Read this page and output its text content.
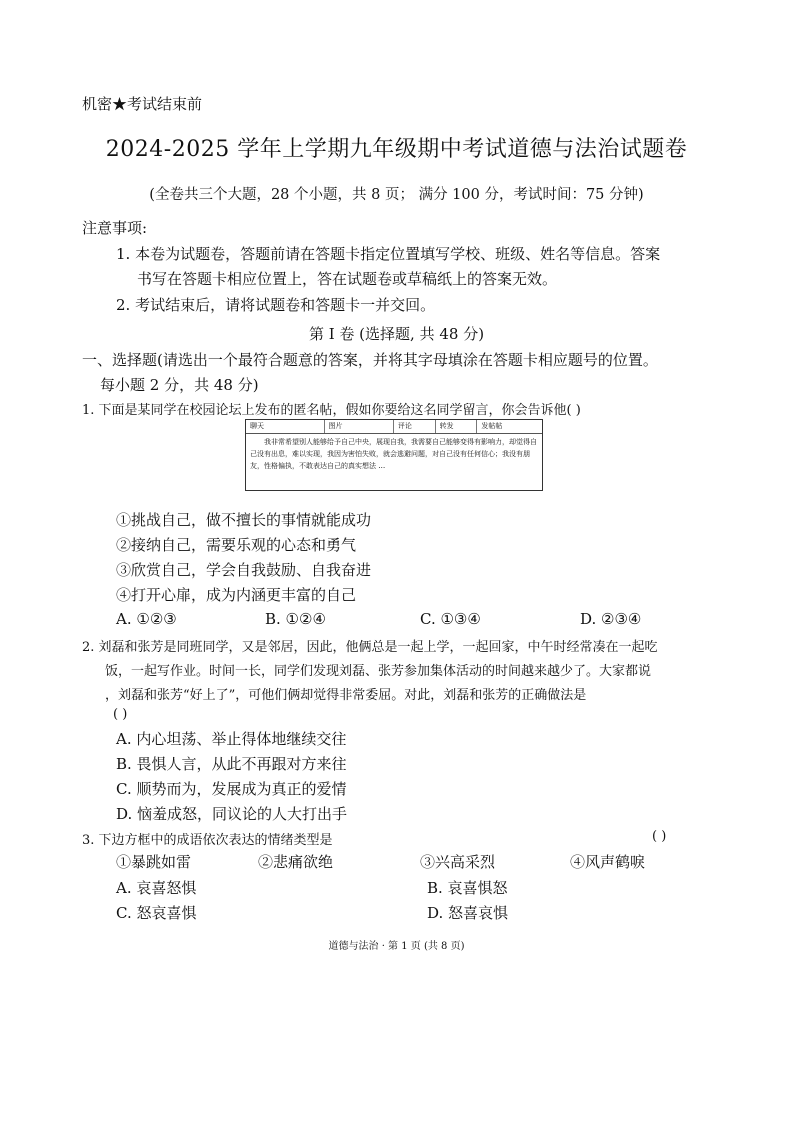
机密★考试结束前
2024-2025 学年上学期九年级期中考试道德与法治试题卷
(全卷共三个大题，28 个小题，共 8 页； 满分 100 分，考试时间：75 分钟)
注意事项:
1. 本卷为试题卷，答题前请在答题卡指定位置填写学校、班级、姓名等信息。答案
书写在答题卡相应位置上，答在试题卷或草稿纸上的答案无效。
2. 考试结束后，请将试题卷和答题卡一并交回。
第 I 卷 (选择题, 共 48 分)
一、选择题(请选出一个最符合题意的答案，并将其字母填涂在答题卡相应题号的位置。
每小题 2 分，共 48 分)
1. 下面是某同学在校园论坛上发布的匿名帖，假如你要给这名同学留言，你会告诉他( )
聊天	图片	评论	转发	发帖帖
我非常希望别人能够给予自己中央，展现自我，我需要自己能够变得有影响力，却觉得自己没有出息，难以实现，我因为害怕失败，就会逃避问题，对自己没有任何信心；我没有朋友，性格偏执，不敢表达自己的真实想法 …
①挑战自己，做不擅长的事情就能成功
②接纳自己，需要乐观的心态和勇气
③欣赏自己，学会自我鼓励、自我奋进
④打开心扉，成为内涵更丰富的自己
A. ①②③	B. ①②④	C. ①③④	D. ②③④
2. 刘磊和张芳是同班同学，又是邻居，因此，他俩总是一起上学，一起回家，中午时经常凑在一起吃
饭，一起写作业。时间一长，同学们发现刘磊、张芳参加集体活动的时间越来越少了。大家都说
，刘磊和张芳“好上了”，可他们俩却觉得非常委屈。对此，刘磊和张芳的正确做法是
( )
A. 内心坦荡、举止得体地继续交往
B. 畏惧人言，从此不再跟对方来往
C. 顺势而为，发展成为真正的爱情
D. 恼羞成怒，同议论的人大打出手
3. 下边方框中的成语依次表达的情绪类型是	( )
①暴跳如雷	②悲痛欲绝	③兴高采烈	④风声鹤唳
A. 哀喜怒惧	B. 哀喜惧怒
C. 怒哀喜惧	D. 怒喜哀惧
道德与法治 · 第 1 页 (共 8 页)
